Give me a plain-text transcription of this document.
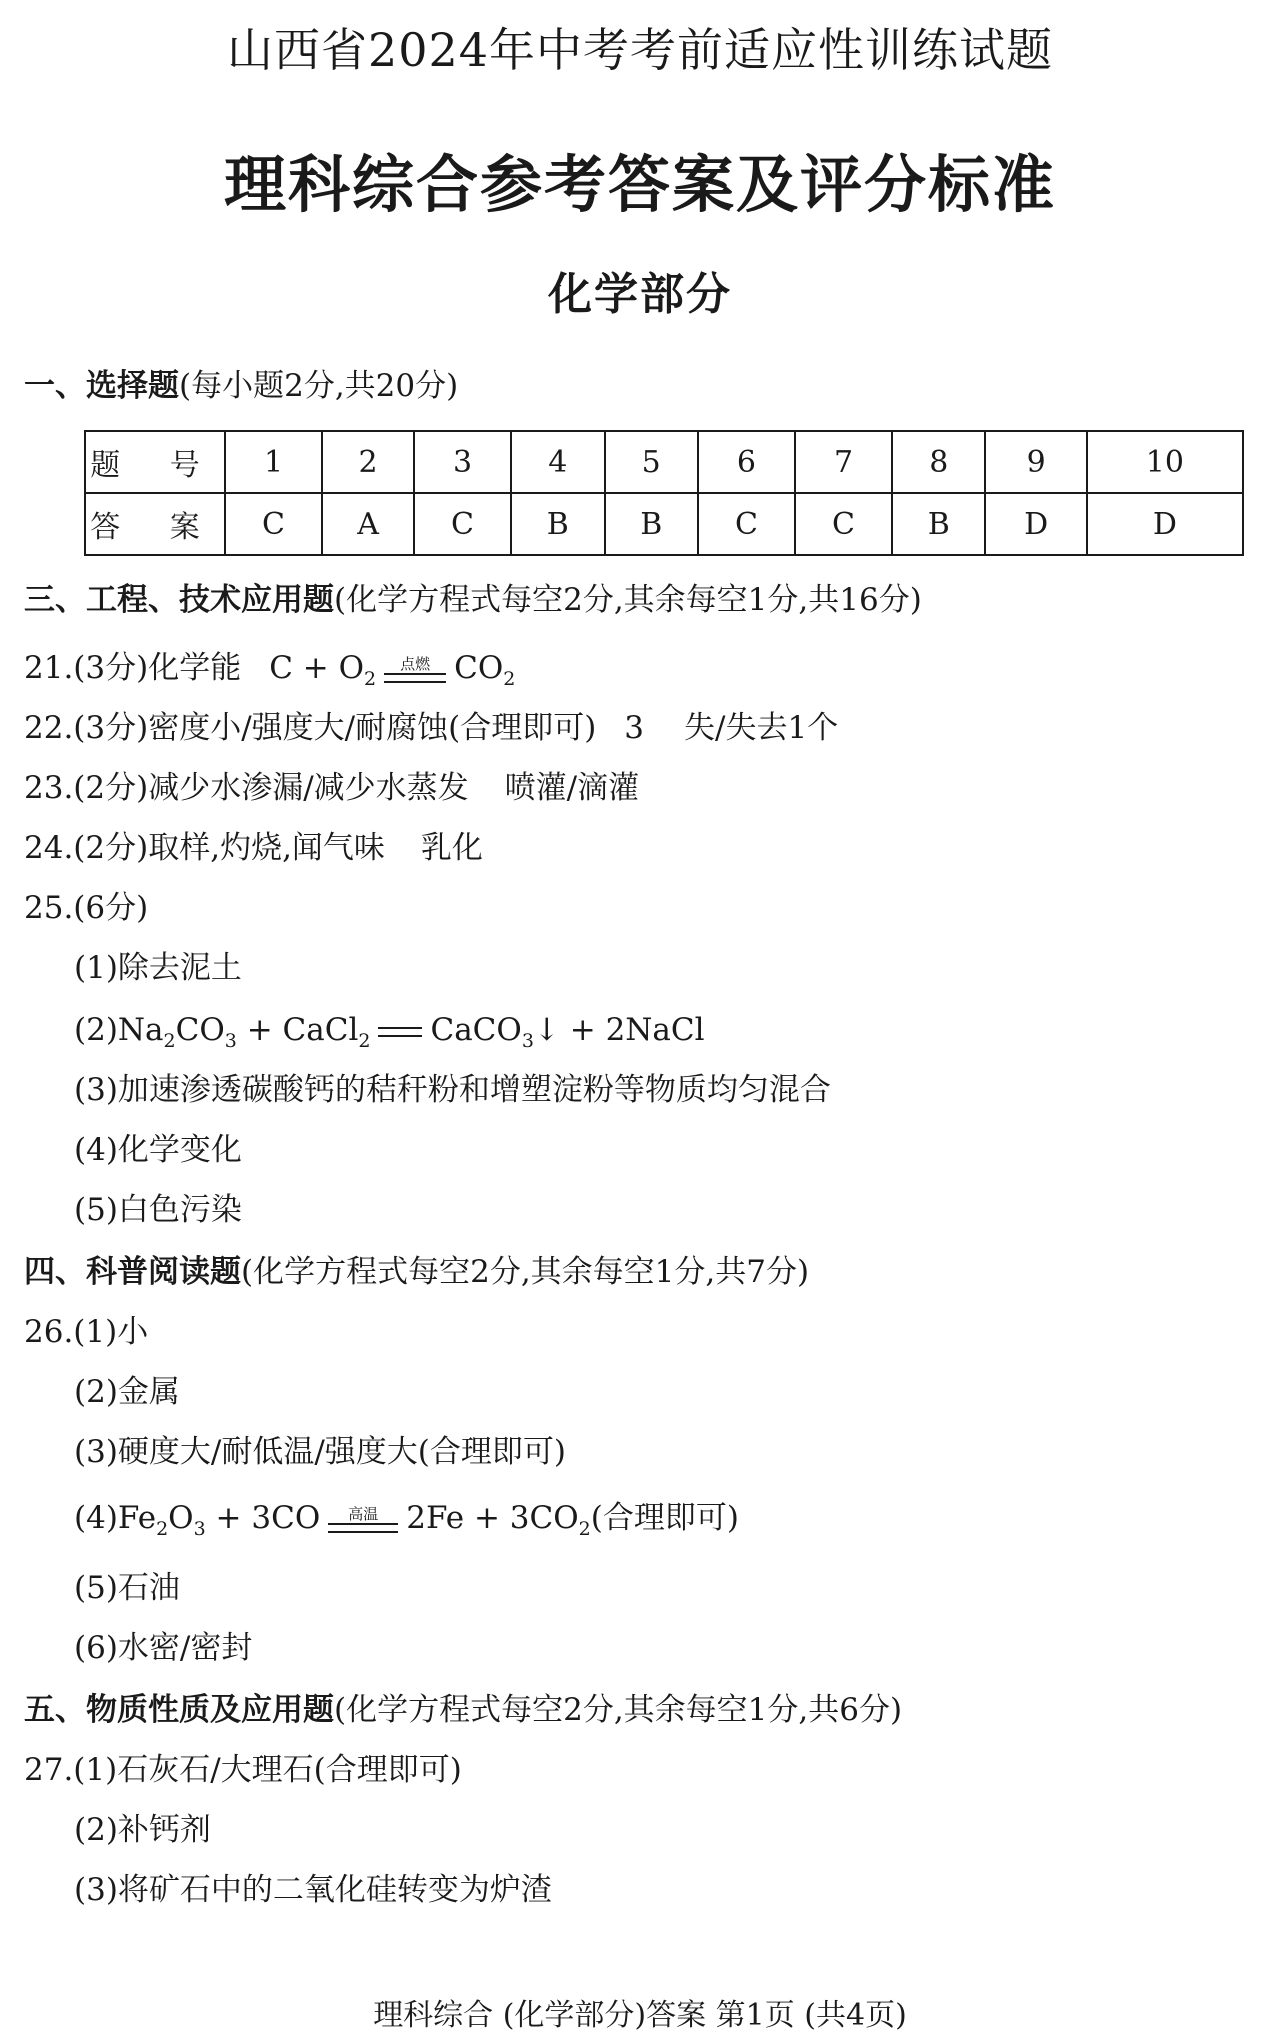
山西省2024年中考考前适应性训练试题
理科综合参考答案及评分标准
化学部分
一、选择题(每小题2分,共20分)
题 号	1	2	3	4	5	6	7	8	9	10
答 案	C	A	C	B	B	C	C	B	D	D
三、工程、技术应用题(化学方程式每空2分,其余每空1分,共16分)
21.(3分)化学能 $C + O_2$
点燃 $CO_2$
22.(3分)密度小/强度大/耐腐蚀(合理即可) 3 失/失去1个
23.(2分)减少水渗漏/减少水蒸发 喷灌/滴灌
24.(2分)取样,灼烧,闻气味 乳化
25.(6分)
(1)除去泥土
$(2)Na_2CO_3$ + CaCl$_2$ CaCO$_3$↓ + 2NaCl
(3)加速渗透碳酸钙的秸秆粉和增塑淀粉等物质均匀混合
(4)化学变化
(5)白色污染
四、科普阅读题(化学方程式每空2分,其余每空1分,共7分)
26.(1)小
(2)金属
(3)硬度大/耐低温/强度大(合理即可)
$(4)Fe_2O_3 + 3CO$	高温 $2Fe + 3CO_2$(合理即可)
(5)石油
(6)水密/密封
五、物质性质及应用题(化学方程式每空2分,其余每空1分,共6分)
27.(1)石灰石/大理石(合理即可)
(2)补钙剂
(3)将矿石中的二氧化硅转变为炉渣
理科综合 (化学部分)答案 第1页 (共4页)
